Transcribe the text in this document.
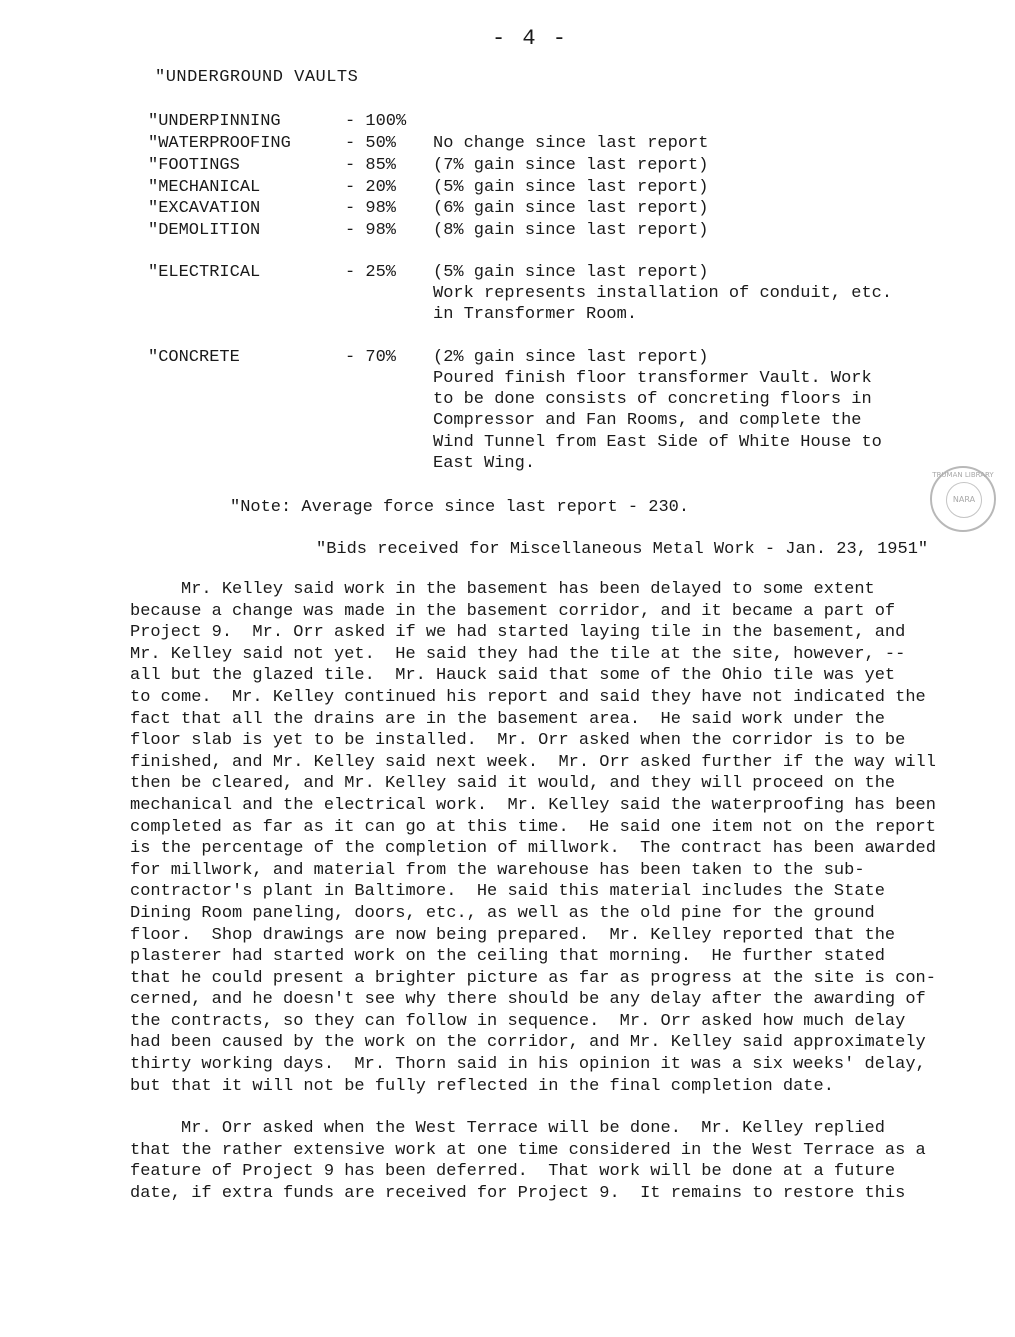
- 4 -
"UNDERGROUND VAULTS
"UNDERPINNING	- 100%
"WATERPROOFING	- 50% No change since last report
"FOOTINGS	- 85% (7% gain since last report)
"MECHANICAL	- 20% (5% gain since last report)
"EXCAVATION	- 98% (6% gain since last report)
"DEMOLITION	- 98% (8% gain since last report)
"ELECTRICAL	- 25% (5% gain since last report)
Work represents installation of conduit, etc.
in Transformer Room.
"CONCRETE	- 70% (2% gain since last report)
Poured finish floor transformer Vault. Work
to be done consists of concreting floors in
Compressor and Fan Rooms, and complete the
Wind Tunnel from East Side of White House to
East Wing.
TRUMAN LIBRARY
NARA
"Note: Average force since last report - 230.
"Bids received for Miscellaneous Metal Work - Jan. 23, 1951"
Mr. Kelley said work in the basement has been delayed to some extent
because a change was made in the basement corridor, and it became a part of
Project 9.  Mr. Orr asked if we had started laying tile in the basement, and
Mr. Kelley said not yet.  He said they had the tile at the site, however, --
all but the glazed tile.  Mr. Hauck said that some of the Ohio tile was yet
to come.  Mr. Kelley continued his report and said they have not indicated the
fact that all the drains are in the basement area.  He said work under the
floor slab is yet to be installed.  Mr. Orr asked when the corridor is to be
finished, and Mr. Kelley said next week.  Mr. Orr asked further if the way will
then be cleared, and Mr. Kelley said it would, and they will proceed on the
mechanical and the electrical work.  Mr. Kelley said the waterproofing has been
completed as far as it can go at this time.  He said one item not on the report
is the percentage of the completion of millwork.  The contract has been awarded
for millwork, and material from the warehouse has been taken to the sub-
contractor's plant in Baltimore.  He said this material includes the State
Dining Room paneling, doors, etc., as well as the old pine for the ground
floor.  Shop drawings are now being prepared.  Mr. Kelley reported that the
plasterer had started work on the ceiling that morning.  He further stated
that he could present a brighter picture as far as progress at the site is con-
cerned, and he doesn't see why there should be any delay after the awarding of
the contracts, so they can follow in sequence.  Mr. Orr asked how much delay
had been caused by the work on the corridor, and Mr. Kelley said approximately
thirty working days.  Mr. Thorn said in his opinion it was a six weeks' delay,
but that it will not be fully reflected in the final completion date.
Mr. Orr asked when the West Terrace will be done.  Mr. Kelley replied
that the rather extensive work at one time considered in the West Terrace as a
feature of Project 9 has been deferred.  That work will be done at a future
date, if extra funds are received for Project 9.  It remains to restore this
